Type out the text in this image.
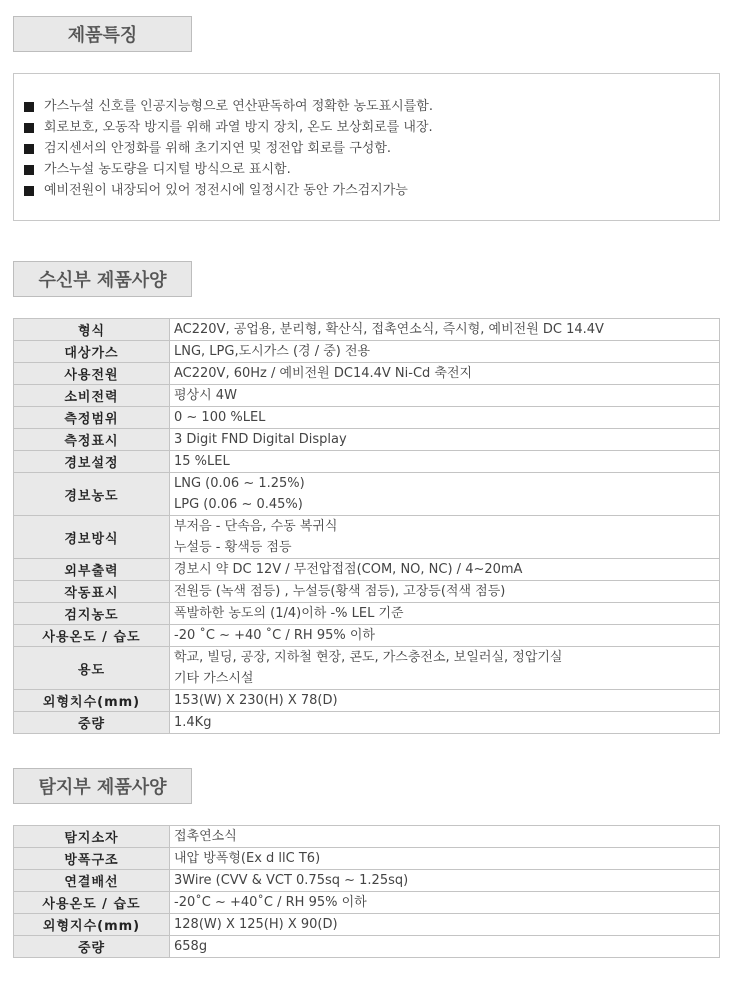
제품특징
가스누설 신호를 인공지능형으로 연산판독하여 정확한 농도표시를함.
회로보호, 오동작 방지를 위해 과열 방지 장치, 온도 보상회로를 내장.
검지센서의 안정화를 위해 초기지연 및 정전압 회로를 구성함.
가스누설 농도량을 디지털 방식으로 표시함.
예비전원이 내장되어 있어 정전시에 일정시간 동안 가스검지가능
수신부 제품사양
형식	AC220V, 공업용, 분리형, 확산식, 접촉연소식, 즉시형, 예비전원 DC 14.4V

대상가스	LNG, LPG,도시가스 (경 / 중) 전용

사용전원	AC220V, 60Hz / 예비전원 DC14.4V Ni-Cd 축전지

소비전력	평상시 4W

측정범위	0 ~ 100 %LEL

측정표시	3 Digit FND Digital Display

경보설정	15 %LEL

경보농도	LNG (0.06 ~ 1.25%)
LPG (0.06 ~ 0.45%)

경보방식	부저음 - 단속음, 수동 복귀식
누설등 - 황색등 점등

외부출력	경보시 약 DC 12V / 무전압접점(COM, NO, NC) / 4~20mA

작동표시	전원등 (녹색 점등) , 누설등(황색 점등), 고장등(적색 점등)

검지농도	폭발하한 농도의 (1/4)이하 -% LEL 기준

사용온도 / 습도	-20 ˚C ~ +40 ˚C / RH 95% 이하

용도	학교, 빌딩, 공장, 지하철 현장, 콘도, 가스충전소, 보일러실, 정압기실
기타 가스시설

외형치수(mm)	153(W) X 230(H) X 78(D)

중량	1.4Kg
탐지부 제품사양
탐지소자	접촉연소식

방폭구조	내압 방폭형(Ex d llC T6)

연결배선	3Wire (CVV & VCT 0.75sq ~ 1.25sq)

사용온도 / 습도	-20˚C ~ +40˚C / RH 95% 이하

외형지수(mm)	128(W) X 125(H) X 90(D)

중량	658g
